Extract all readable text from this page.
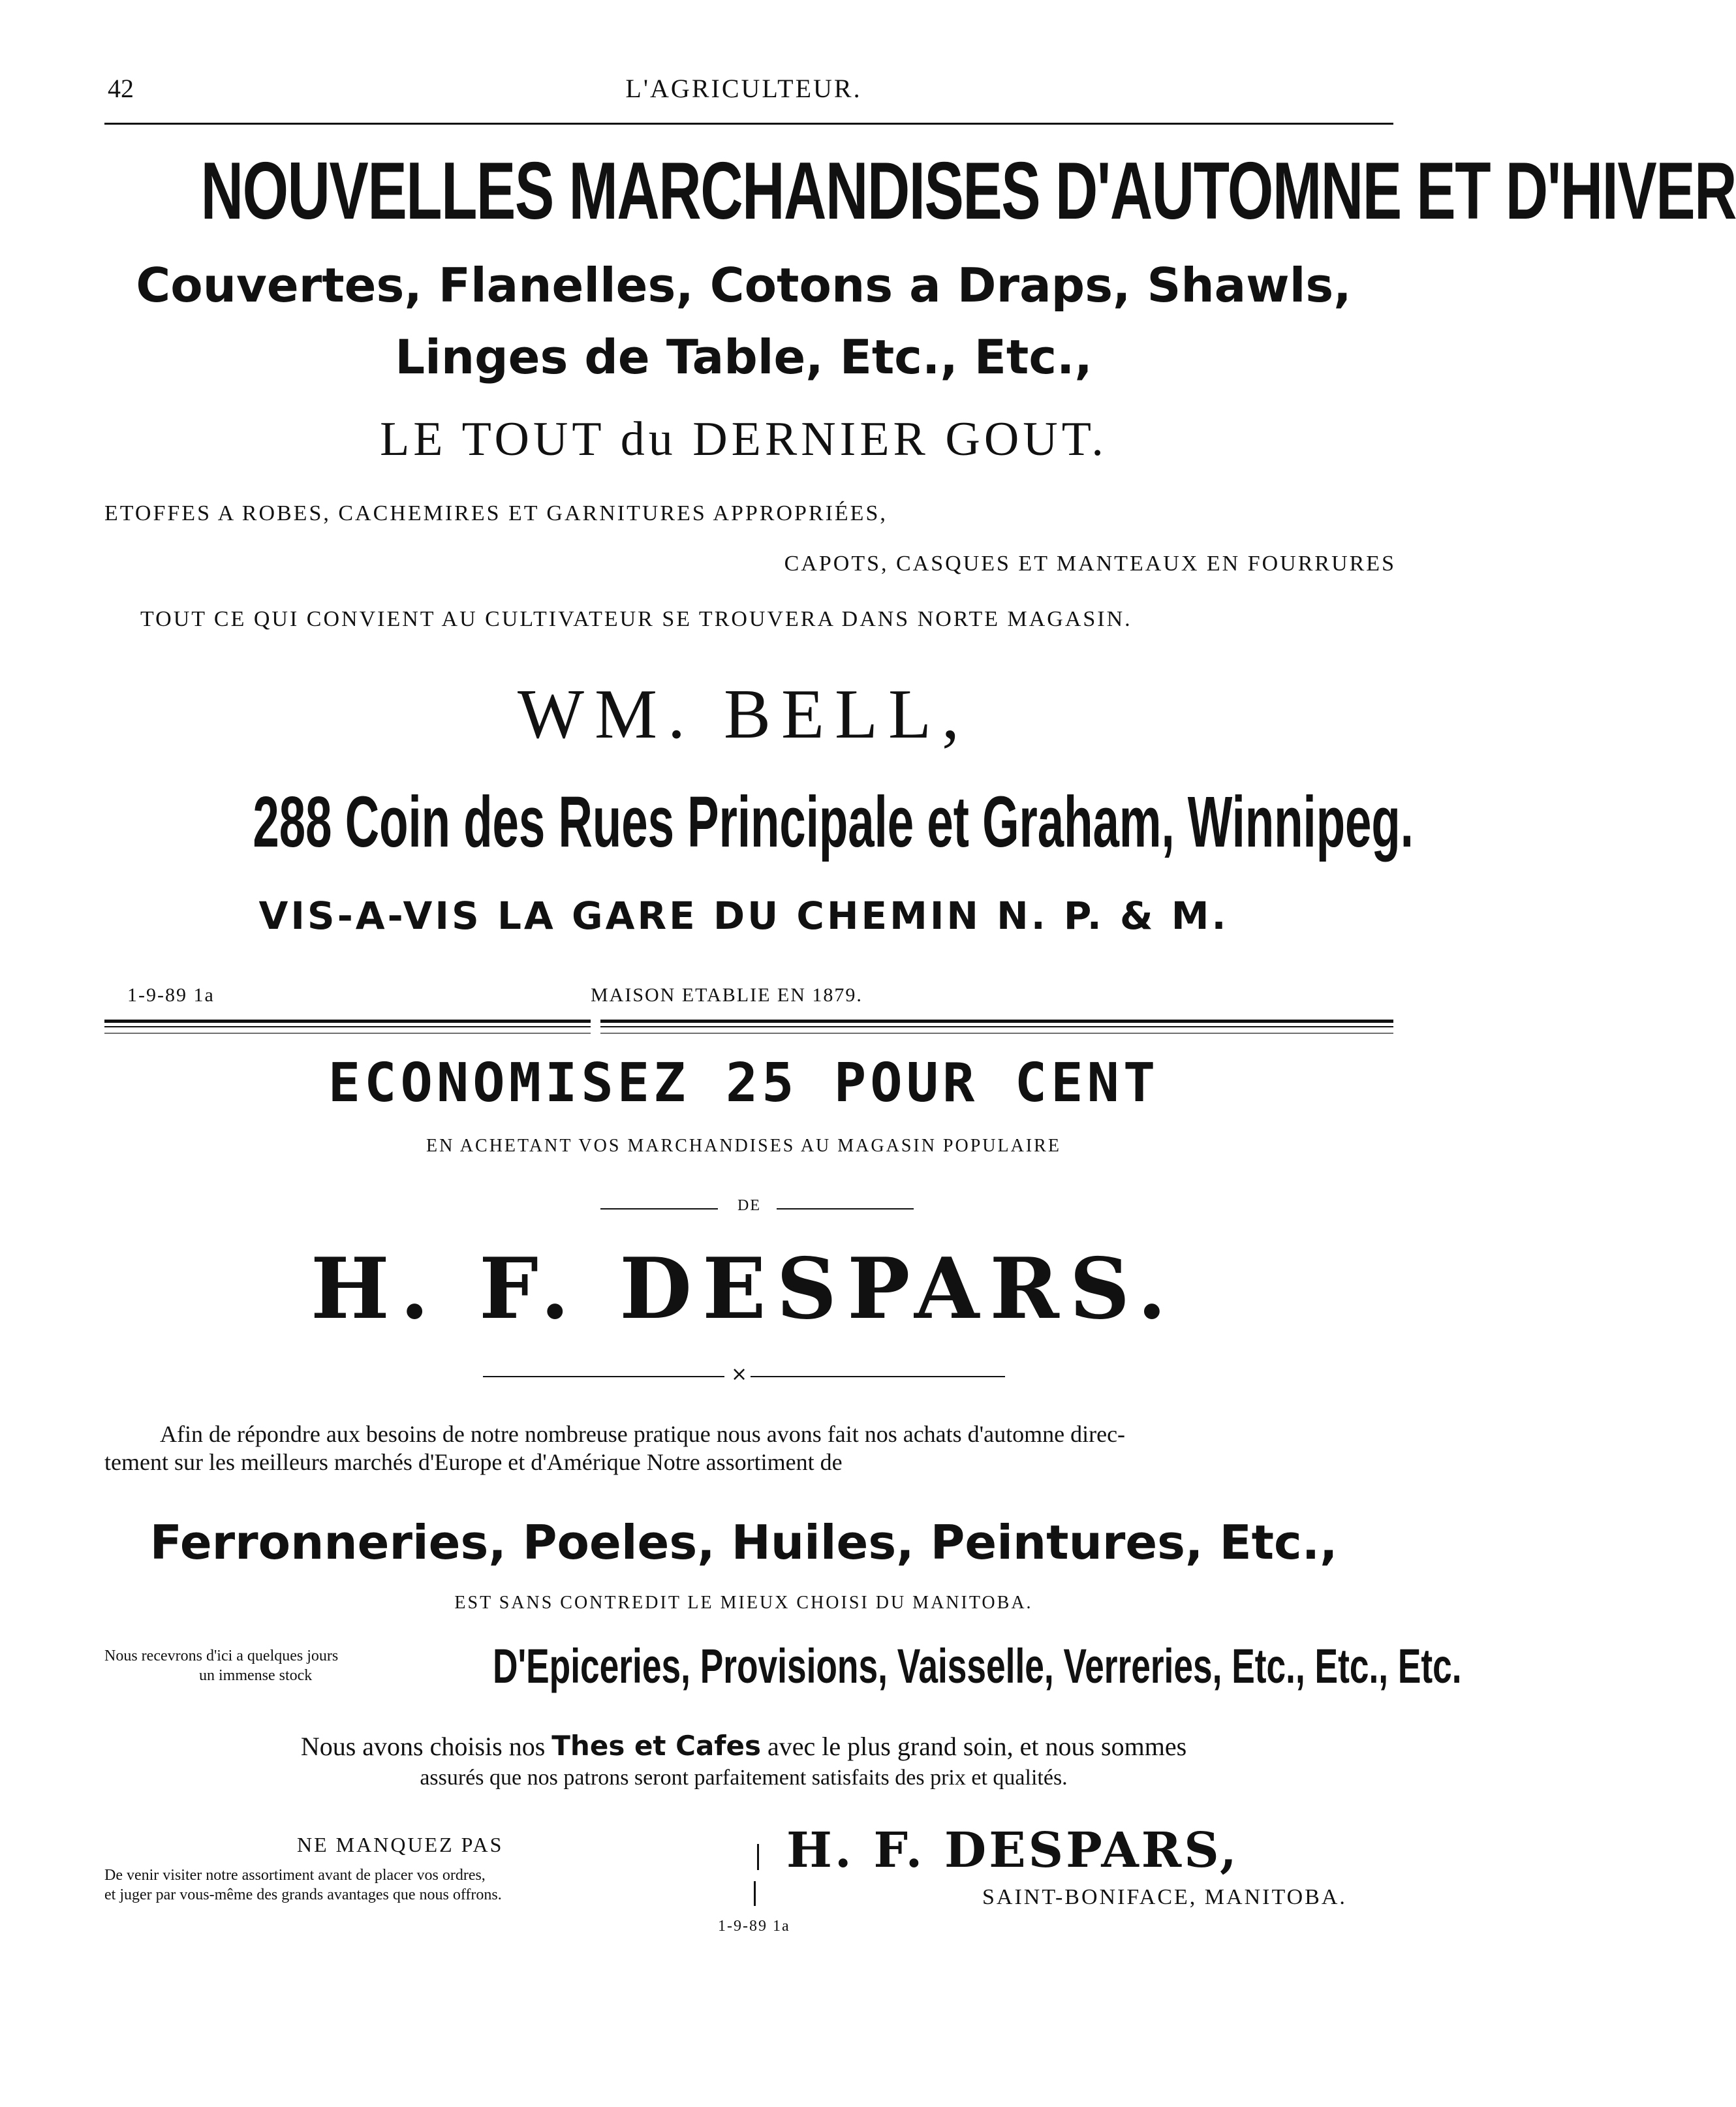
42	L'AGRICULTEUR.
NOUVELLES MARCHANDISES D'AUTOMNE ET D'HIVER
Couvertes, Flanelles, Cotons a Draps, Shawls,
Linges de Table, Etc., Etc.,
LE TOUT du DERNIER GOUT.
ETOFFES A ROBES, CACHEMIRES ET GARNITURES APPROPRIÉES,
CAPOTS, CASQUES ET MANTEAUX EN FOURRURES
TOUT CE QUI CONVIENT AU CULTIVATEUR SE TROUVERA DANS NORTE MAGASIN.
WM. BELL,
288 Coin des Rues Principale et Graham, Winnipeg.
VIS-A-VIS LA GARE DU CHEMIN N. P. & M.
1-9-89 1a	MAISON ETABLIE EN 1879.
ECONOMISEZ 25 POUR CENT
EN ACHETANT VOS MARCHANDISES AU MAGASIN POPULAIRE
DE
H. F. DESPARS.
×
Afin de répondre aux besoins de notre nombreuse pratique nous avons fait nos achats d'automne direc-
tement sur les meilleurs marchés d'Europe et d'Amérique Notre assortiment de
Ferronneries, Poeles, Huiles, Peintures, Etc.,
EST SANS CONTREDIT LE MIEUX CHOISI DU MANITOBA.
Nous recevrons d'ici a quelques jours
un immense stock	D'Epiceries, Provisions, Vaisselle, Verreries, Etc., Etc., Etc.
Nous avons choisis nos Thes et Cafes avec le plus grand soin, et nous sommes
assurés que nos patrons seront parfaitement satisfaits des prix et qualités.
NE MANQUEZ PAS
De venir visiter notre assortiment avant de placer vos ordres,
et juger par vous-même des grands avantages que nous offrons.
H. F. DESPARS,
SAINT-BONIFACE, MANITOBA.
1-9-89 1a
